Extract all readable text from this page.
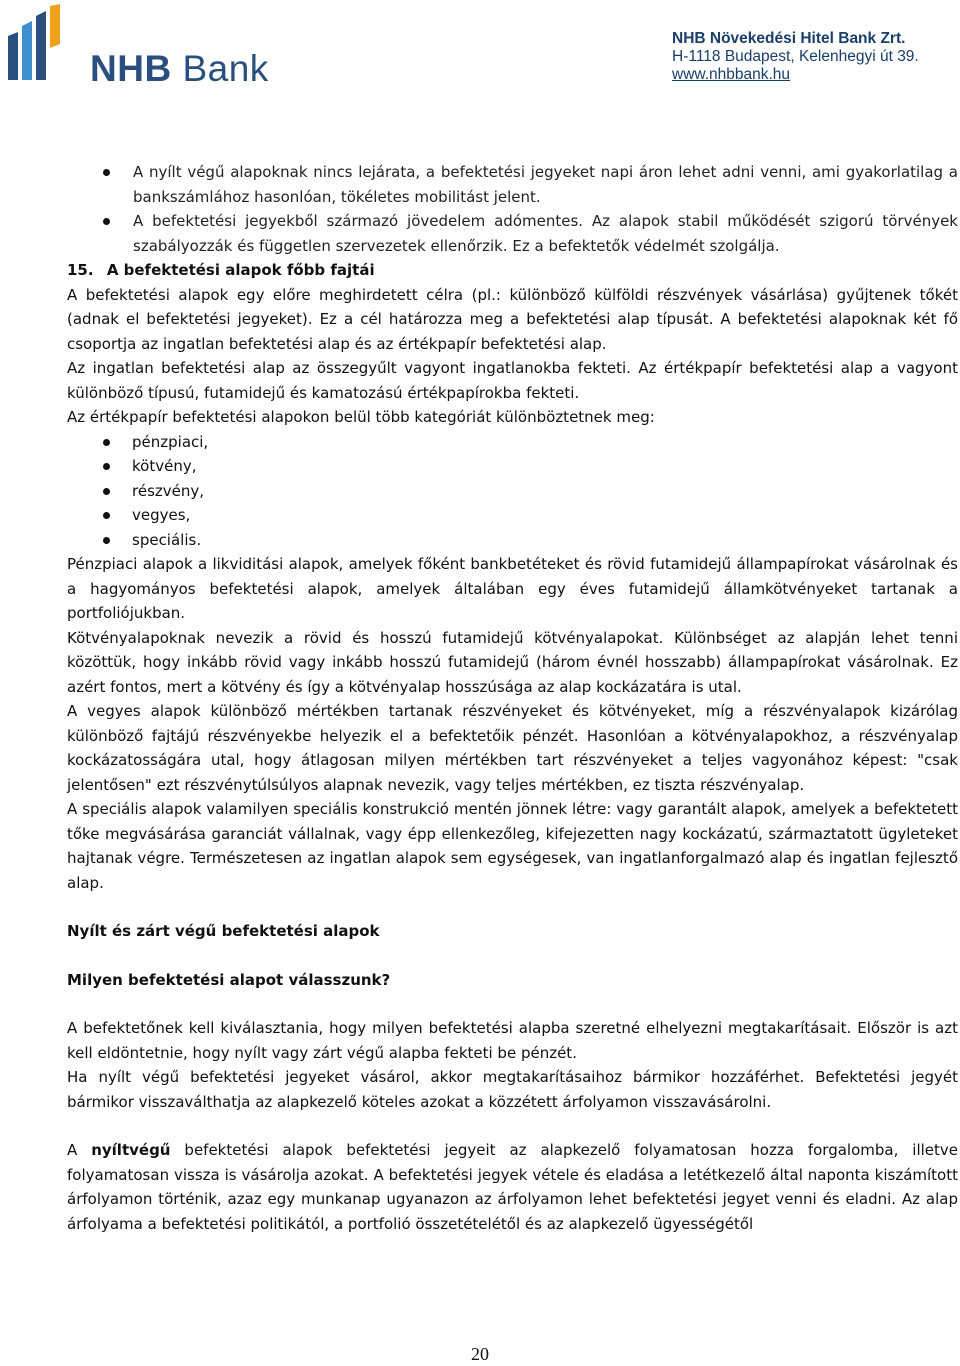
NHB Bank
NHB Növekedési Hitel Bank Zrt.
H-1118 Budapest, Kelenhegyi út 39.
www.nhbbank.hu
A nyílt végű alapoknak nincs lejárata, a befektetési jegyeket napi áron lehet adni venni, ami gyakorlatilag a bankszámlához hasonlóan, tökéletes mobilitást jelent.
A befektetési jegyekből származó jövedelem adómentes. Az alapok stabil működését szigorú törvények szabályozzák és független szervezetek ellenőrzik. Ez a befektetők védelmét szolgálja.

15. A befektetési alapok főbb fajtái

A befektetési alapok egy előre meghirdetett célra (pl.: különböző külföldi részvények vásárlása) gyűjtenek tőkét (adnak el befektetési jegyeket). Ez a cél határozza meg a befektetési alap típusát. A befektetési alapoknak két fő csoportja az ingatlan befektetési alap és az értékpapír befektetési alap.

Az ingatlan befektetési alap az összegyűlt vagyont ingatlanokba fekteti. Az értékpapír befektetési alap a vagyont különböző típusú, futamidejű és kamatozású értékpapírokba fekteti.

Az értékpapír befektetési alapokon belül több kategóriát különböztetnek meg:

pénzpiaci,
kötvény,
részvény,
vegyes,
speciális.

Pénzpiaci alapok a likviditási alapok, amelyek főként bankbetéteket és rövid futamidejű állampapírokat vásárolnak és a hagyományos befektetési alapok, amelyek általában egy éves futamidejű államkötvényeket tartanak a portfoliójukban.

Kötvényalapoknak nevezik a rövid és hosszú futamidejű kötvényalapokat. Különbséget az alapján lehet tenni közöttük, hogy inkább rövid vagy inkább hosszú futamidejű (három évnél hosszabb) állampapírokat vásárolnak. Ez azért fontos, mert a kötvény és így a kötvényalap hosszúsága az alap kockázatára is utal.

A vegyes alapok különböző mértékben tartanak részvényeket és kötvényeket, míg a részvényalapok kizárólag különböző fajtájú részvényekbe helyezik el a befektetőik pénzét. Hasonlóan a kötvényalapokhoz, a részvényalap kockázatosságára utal, hogy átlagosan milyen mértékben tart részvényeket a teljes vagyonához képest: "csak jelentősen" ezt részvénytúlsúlyos alapnak nevezik, vagy teljes mértékben, ez tiszta részvényalap.

A speciális alapok valamilyen speciális konstrukció mentén jönnek létre: vagy garantált alapok, amelyek a befektetett tőke megvásárása garanciát vállalnak, vagy épp ellenkezőleg, kifejezetten nagy kockázatú, származtatott ügyleteket hajtanak végre. Természetesen az ingatlan alapok sem egységesek, van ingatlanforgalmazó alap és ingatlan fejlesztő alap.

Nyílt és zárt végű befektetési alapok

Milyen befektetési alapot válasszunk?

A befektetőnek kell kiválasztania, hogy milyen befektetési alapba szeretné elhelyezni megtakarításait. Először is azt kell eldöntetnie, hogy nyílt vagy zárt végű alapba fekteti be pénzét.

Ha nyílt végű befektetési jegyeket vásárol, akkor megtakarításaihoz bármikor hozzáférhet. Befektetési jegyét bármikor visszaválthatja az alapkezelő köteles azokat a közzétett árfolyamon visszavásárolni.

A nyíltvégű befektetési alapok befektetési jegyeit az alapkezelő folyamatosan hozza forgalomba, illetve folyamatosan vissza is vásárolja azokat. A befektetési jegyek vétele és eladása a letétkezelő által naponta kiszámított árfolyamon történik, azaz egy munkanap ugyanazon az árfolyamon lehet befektetési jegyet venni és eladni. Az alap árfolyama a befektetési politikától, a portfolió összetételétől és az alapkezelő ügyességétől

20
